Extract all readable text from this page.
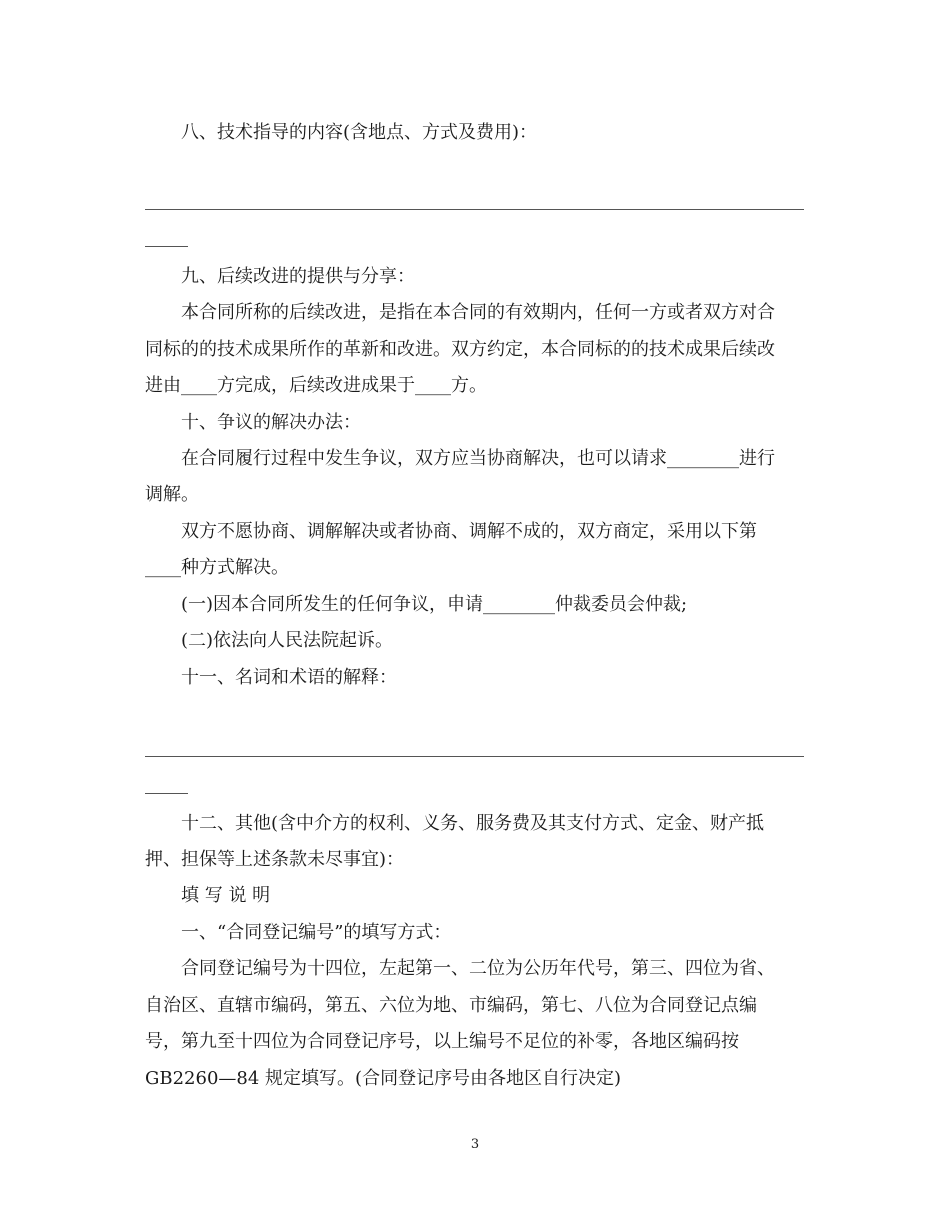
八、技术指导的内容(含地点、方式及费用)：
九、后续改进的提供与分享：
本合同所称的后续改进，是指在本合同的有效期内，任何一方或者双方对合
同标的的技术成果所作的革新和改进。双方约定，本合同标的的技术成果后续改
进由____方完成，后续改进成果于____方。
十、争议的解决办法：
在合同履行过程中发生争议，双方应当协商解决，也可以请求________进行
调解。
双方不愿协商、调解解决或者协商、调解不成的，双方商定，采用以下第
____种方式解决。
(一)因本合同所发生的任何争议，申请________仲裁委员会仲裁;
(二)依法向人民法院起诉。
十一、名词和术语的解释：
十二、其他(含中介方的权利、义务、服务费及其支付方式、定金、财产抵
押、担保等上述条款未尽事宜)：
填 写 说 明
一、“合同登记编号”的填写方式：
合同登记编号为十四位，左起第一、二位为公历年代号，第三、四位为省、
自治区、直辖市编码，第五、六位为地、市编码，第七、八位为合同登记点编
号，第九至十四位为合同登记序号，以上编号不足位的补零，各地区编码按
GB2260—84 规定填写。(合同登记序号由各地区自行决定)
3
